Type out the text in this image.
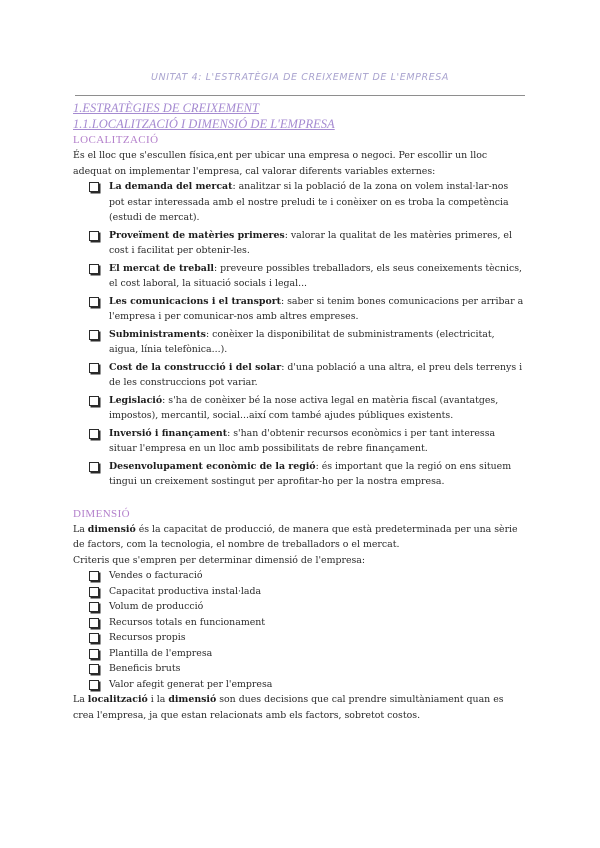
UNITAT 4: L'ESTRATÈGIA DE CREIXEMENT DE L'EMPRESA

1.ESTRATÈGIES DE CREIXEMENT

1.1.LOCALITZACIÓ I DIMENSIÓ DE L'EMPRESA

LOCALITZACIÓ

És el lloc que s'escullen física,ent per ubicar una empresa o negoci. Per escollir un lloc adequat on implementar l'empresa, cal valorar diferents variables externes:

La demanda del mercat: analitzar si la població de la zona on volem instal·lar-nos pot estar interessada amb el nostre preludi te i conèixer on es troba la competència (estudi de mercat).
Proveïment de matèries primeres: valorar la qualitat de les matèries primeres, el cost i facilitat per obtenir-les.
El mercat de treball: preveure possibles treballadors, els seus coneixements tècnics, el cost laboral, la situació socials i legal...
Les comunicacions i el transport: saber si tenim bones comunicacions per arribar a l'empresa i per comunicar-nos amb altres empreses.
Subministraments: conèixer la disponibilitat de subministraments (electricitat, aigua, línia telefònica...).
Cost de la construcció i del solar: d'una població a una altra, el preu dels terrenys i de les construccions pot variar.
Legislació: s'ha de conèixer bé la nose activa legal en matèria fiscal (avantatges, impostos), mercantil, social...així com també ajudes públiques existents.
Inversió i finançament: s'han d'obtenir recursos econòmics i per tant interessa situar l'empresa en un lloc amb possibilitats de rebre finançament.
Desenvolupament econòmic de la regió: és important que la regió on ens situem tingui un creixement sostingut per aprofitar-ho per la nostra empresa.

DIMENSIÓ

La dimensió és la capacitat de producció, de manera que està predeterminada per una sèrie de factors, com la tecnologia, el nombre de treballadors o el mercat.

Criteris que s'empren per determinar dimensió de l'empresa:

Vendes o facturació
Capacitat productiva instal·lada
Volum de producció
Recursos totals en funcionament
Recursos propis
Plantilla de l'empresa
Beneficis bruts
Valor afegit generat per l'empresa

La localització i la dimensió son dues decisions que cal prendre simultàniament quan es crea l'empresa, ja que estan relacionats amb els factors, sobretot costos.
